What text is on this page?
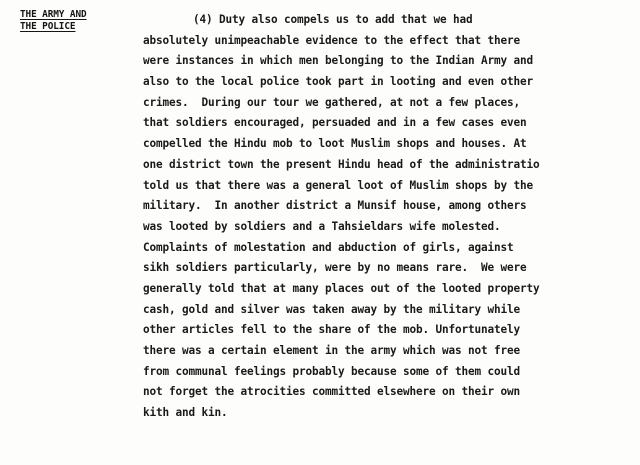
THE ARMY AND
THE POLICE
(4) Duty also compels us to add that we had
absolutely unimpeachable evidence to the effect that there
were instances in which men belonging to the Indian Army and
also to the local police took part in looting and even other
crimes.  During our tour we gathered, at not a few places,
that soldiers encouraged, persuaded and in a few cases even
compelled the Hindu mob to loot Muslim shops and houses. At
one district town the present Hindu head of the administratio
told us that there was a general loot of Muslim shops by the
military.  In another district a Munsif house, among others
was looted by soldiers and a Tahsieldars wife molested.
Complaints of molestation and abduction of girls, against
sikh soldiers particularly, were by no means rare.  We were
generally told that at many places out of the looted property
cash, gold and silver was taken away by the military while
other articles fell to the share of the mob. Unfortunately
there was a certain element in the army which was not free
from communal feelings probably because some of them could
not forget the atrocities committed elsewhere on their own
kith and kin.
